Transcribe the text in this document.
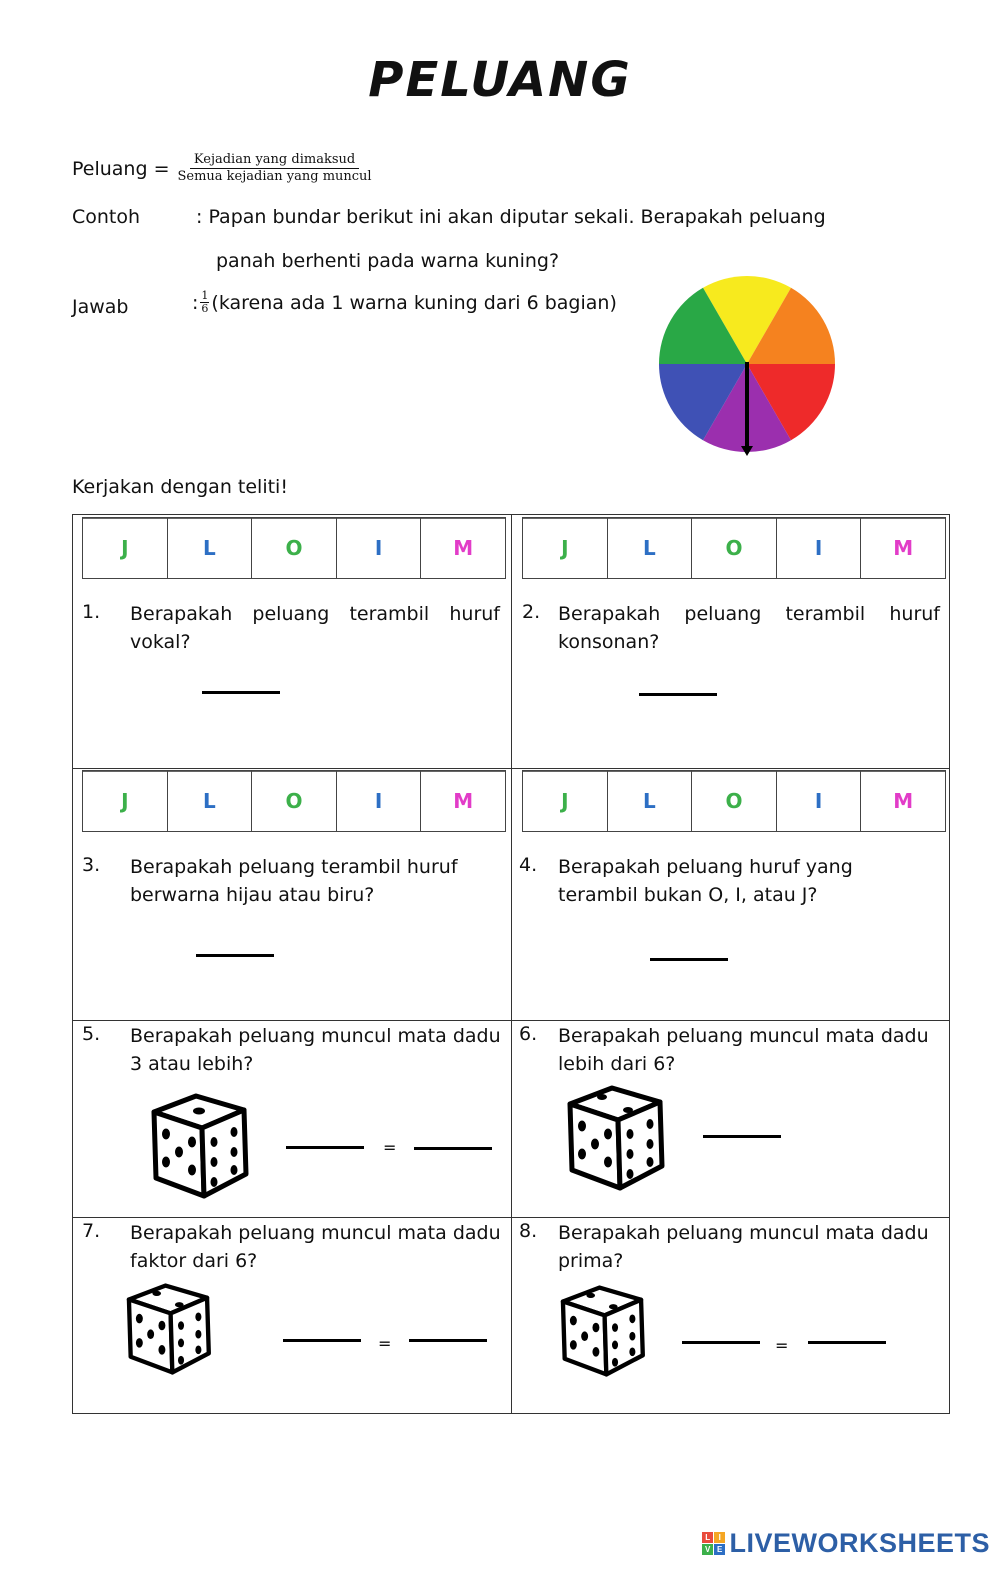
PELUANG
Peluang = $\frac{\text{Kejadian yang dimaksud}}{\text{Semua kejadian yang muncul}}$
Contoh	: Papan bundar berikut ini akan diputar sekali. Berapakah peluang
panah berhenti pada warna kuning?
Jawab	: $\frac{1}{6}$ (karena ada 1 warna kuning dari 6 bagian)
Kerjakan dengan teliti!
J	L	O	I	M	J	L	O	I	M
J	L	O	I	M	J	L	O	I	M
1. Berapakah peluang terambil huruf vokal?
2. Berapakah peluang terambil huruf konsonan?
3. Berapakah peluang terambil huruf berwarna hijau atau biru?
4. Berapakah peluang huruf yang terambil bukan O, I, atau J?
5. Berapakah peluang muncul mata dadu 3 atau lebih?
=
6. Berapakah peluang muncul mata dadu lebih dari 6?
7. Berapakah peluang muncul mata dadu faktor dari 6?
=
8. Berapakah peluang muncul mata dadu prima?
=
L I
V E LIVEWORKSHEETS
